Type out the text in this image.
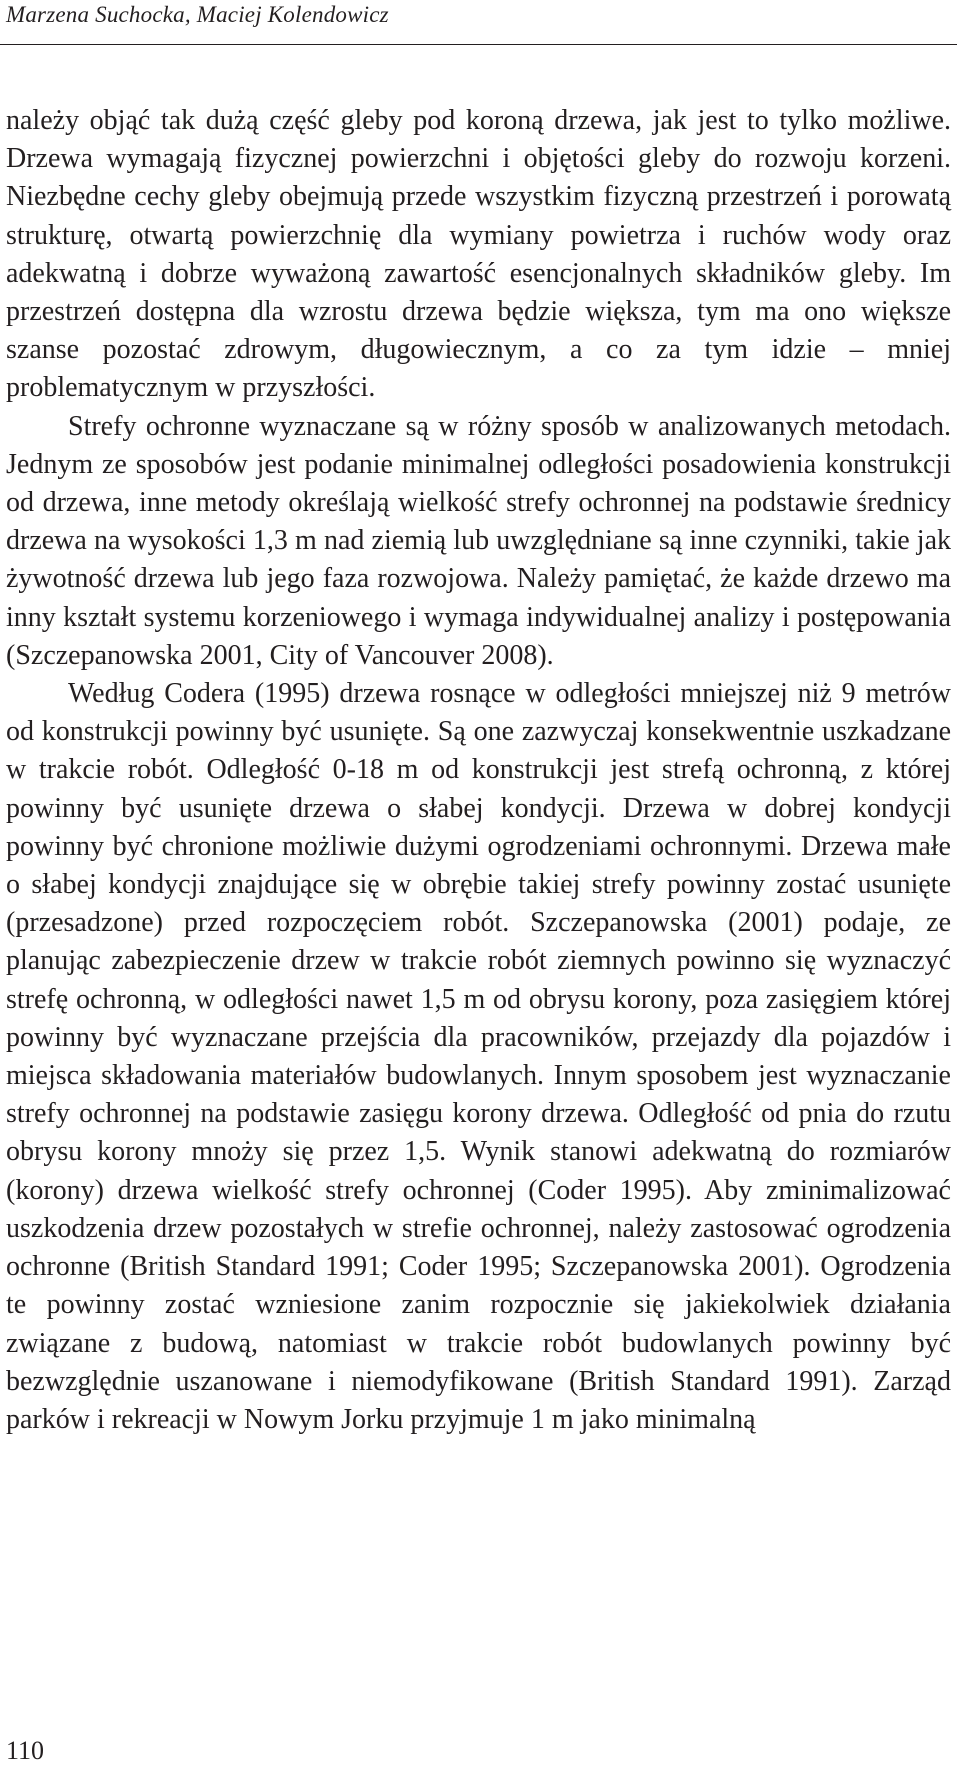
Marzena Suchocka, Maciej Kolendowicz

należy objąć tak dużą część gleby pod koroną drzewa, jak jest to tylko możliwe. Drzewa wymagają fizycznej powierzchni i objętości gleby do rozwoju korzeni. Niezbędne cechy gleby obejmują przede wszystkim fizyczną przestrzeń i porowatą strukturę, otwartą powierzchnię dla wymiany powietrza i ruchów wody oraz adekwatną i dobrze wyważoną zawartość esencjonalnych składników gleby. Im przestrzeń dostępna dla wzrostu drzewa będzie większa, tym ma ono większe szanse pozostać zdrowym, długowiecznym, a co za tym idzie – mniej problematycznym w przyszłości.

Strefy ochronne wyznaczane są w różny sposób w analizowanych metodach. Jednym ze sposobów jest podanie minimalnej odległości posadowienia konstrukcji od drzewa, inne metody określają wielkość strefy ochronnej na podstawie średnicy drzewa na wysokości 1,3 m nad ziemią lub uwzględniane są inne czynniki, takie jak żywotność drzewa lub jego faza rozwojowa. Należy pamiętać, że każde drzewo ma inny kształt systemu korzeniowego i wymaga indywidualnej analizy i postępowania (Szczepanowska 2001, City of Vancouver 2008).

Według Codera (1995) drzewa rosnące w odległości mniejszej niż 9 metrów od konstrukcji powinny być usunięte. Są one zazwyczaj konsekwentnie uszkadzane w trakcie robót. Odległość 0-18 m od konstrukcji jest strefą ochronną, z której powinny być usunięte drzewa o słabej kondycji. Drzewa w dobrej kondycji powinny być chronione możliwie dużymi ogrodzeniami ochronnymi. Drzewa małe o słabej kondycji znajdujące się w obrębie takiej strefy powinny zostać usunięte (przesadzone) przed rozpoczęciem robót. Szczepanowska (2001) podaje, ze planując zabezpieczenie drzew w trakcie robót ziemnych powinno się wyznaczyć strefę ochronną, w odległości nawet 1,5 m od obrysu korony, poza zasięgiem której powinny być wyznaczane przejścia dla pracowników, przejazdy dla pojazdów i miejsca składowania materiałów budowlanych. Innym sposobem jest wyznaczanie strefy ochronnej na podstawie zasięgu korony drzewa. Odległość od pnia do rzutu obrysu korony mnoży się przez 1,5. Wynik stanowi adekwatną do rozmiarów (korony) drzewa wielkość strefy ochronnej (Coder 1995). Aby zminimalizować uszkodzenia drzew pozostałych w strefie ochronnej, należy zastosować ogrodzenia ochronne (British Standard 1991; Coder 1995; Szczepanowska 2001). Ogrodzenia te powinny zostać wzniesione zanim rozpocznie się jakiekolwiek działania związane z budową, natomiast w trakcie robót budowlanych powinny być bezwzględnie uszanowane i niemodyfikowane (British Standard 1991). Zarząd parków i rekreacji w Nowym Jorku przyjmuje 1 m jako minimalną

110
